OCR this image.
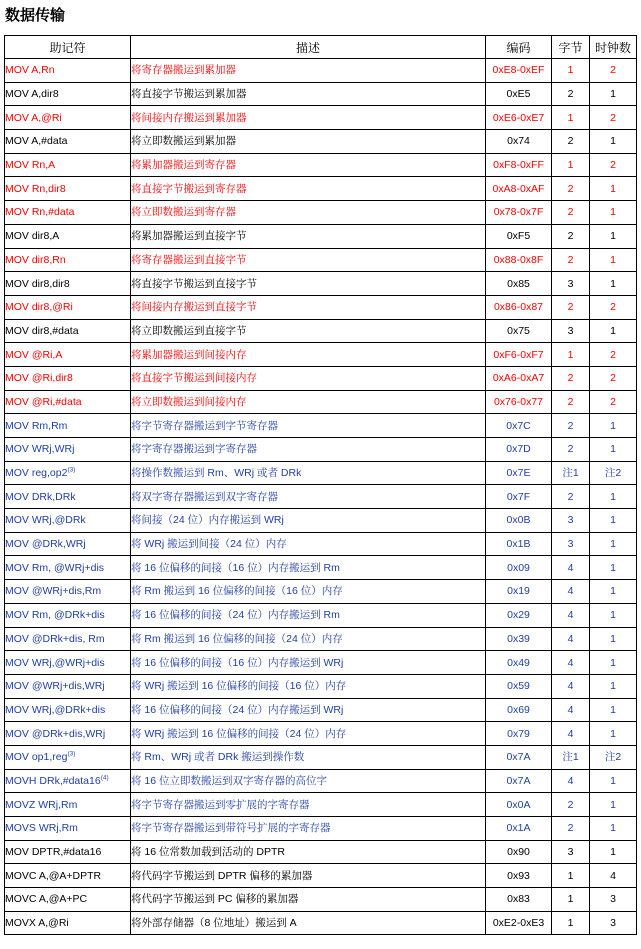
数据传输
助记符	描述	编码	字节	时钟数
MOV A,Rn	将寄存器搬运到累加器	0xE8-0xEF	1	2
MOV A,dir8	将直接字节搬运到累加器	0xE5	2	1
MOV A,@Ri	将间接内存搬运到累加器	0xE6-0xE7	1	2
MOV A,#data	将立即数搬运到累加器	0x74	2	1
MOV Rn,A	将累加器搬运到寄存器	0xF8-0xFF	1	2
MOV Rn,dir8	将直接字节搬运到寄存器	0xA8-0xAF	2	1
MOV Rn,#data	将立即数搬运到寄存器	0x78-0x7F	2	1
MOV dir8,A	将累加器搬运到直接字节	0xF5	2	1
MOV dir8,Rn	将寄存器搬运到直接字节	0x88-0x8F	2	1
MOV dir8,dir8	将直接字节搬运到直接字节	0x85	3	1
MOV dir8,@Ri	将间接内存搬运到直接字节	0x86-0x87	2	2
MOV dir8,#data	将立即数搬运到直接字节	0x75	3	1
MOV @Ri,A	将累加器搬运到间接内存	0xF6-0xF7	1	2
MOV @Ri,dir8	将直接字节搬运到间接内存	0xA6-0xA7	2	2
MOV @Ri,#data	将立即数搬运到间接内存	0x76-0x77	2	2
MOV Rm,Rm	将字节寄存器搬运到字节寄存器	0x7C	2	1
MOV WRj,WRj	将字寄存器搬运到字寄存器	0x7D	2	1
MOV reg,op2$^{(3)}$	将操作数搬运到 Rm、WRj 或者 DRk	0x7E	注1	注2
MOV DRk,DRk	将双字寄存器搬运到双字寄存器	0x7F	2	1
MOV WRj,@DRk	将间接（24 位）内存搬运到 WRj	0x0B	3	1
MOV @DRk,WRj	将 WRj 搬运到间接（24 位）内存	0x1B	3	1
MOV Rm, @WRj+dis	将 16 位偏移的间接（16 位）内存搬运到 Rm	0x09	4	1
MOV @WRj+dis,Rm	将 Rm 搬运到 16 位偏移的间接（16 位）内存	0x19	4	1
MOV Rm, @DRk+dis	将 16 位偏移的间接（24 位）内存搬运到 Rm	0x29	4	1
MOV @DRk+dis, Rm	将 Rm 搬运到 16 位偏移的间接（24 位）内存	0x39	4	1
MOV WRj,@WRj+dis	将 16 位偏移的间接（16 位）内存搬运到 WRj	0x49	4	1
MOV @WRj+dis,WRj	将 WRj 搬运到 16 位偏移的间接（16 位）内存	0x59	4	1
MOV WRj,@DRk+dis	将 16 位偏移的间接（24 位）内存搬运到 WRj	0x69	4	1
MOV @DRk+dis,WRj	将 WRj 搬运到 16 位偏移的间接（24 位）内存	0x79	4	1
MOV op1,reg$^{(3)}$	将 Rm、WRj 或者 DRk 搬运到操作数	0x7A	注1	注2
MOVH DRk,#data16$^{(4)}$	将 16 位立即数搬运到双字寄存器的高位字	0x7A	4	1
MOVZ WRj,Rm	将字节寄存器搬运到零扩展的字寄存器	0x0A	2	1
MOVS WRj,Rm	将字节寄存器搬运到带符号扩展的字寄存器	0x1A	2	1
MOV DPTR,#data16	将 16 位常数加载到活动的 DPTR	0x90	3	1
MOVC A,@A+DPTR	将代码字节搬运到 DPTR 偏移的累加器	0x93	1	4
MOVC A,@A+PC	将代码字节搬运到 PC 偏移的累加器	0x83	1	3
MOVX A,@Ri	将外部存储器（8 位地址）搬运到 A	0xE2-0xE3	1	3
